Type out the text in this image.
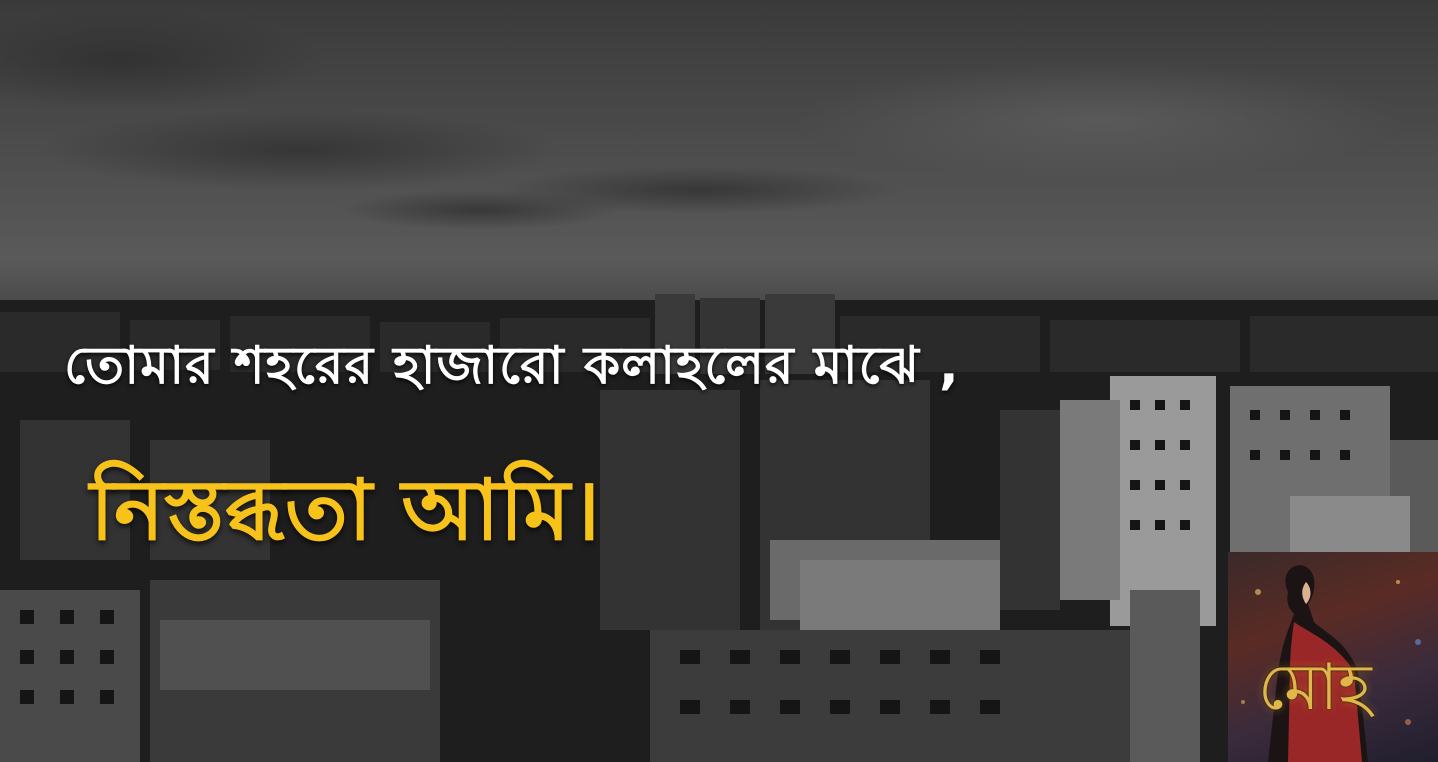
তোমার শহরের হাজারো কলাহলের মাঝে ,

নিস্তব্ধতা আমি।

মোহ
